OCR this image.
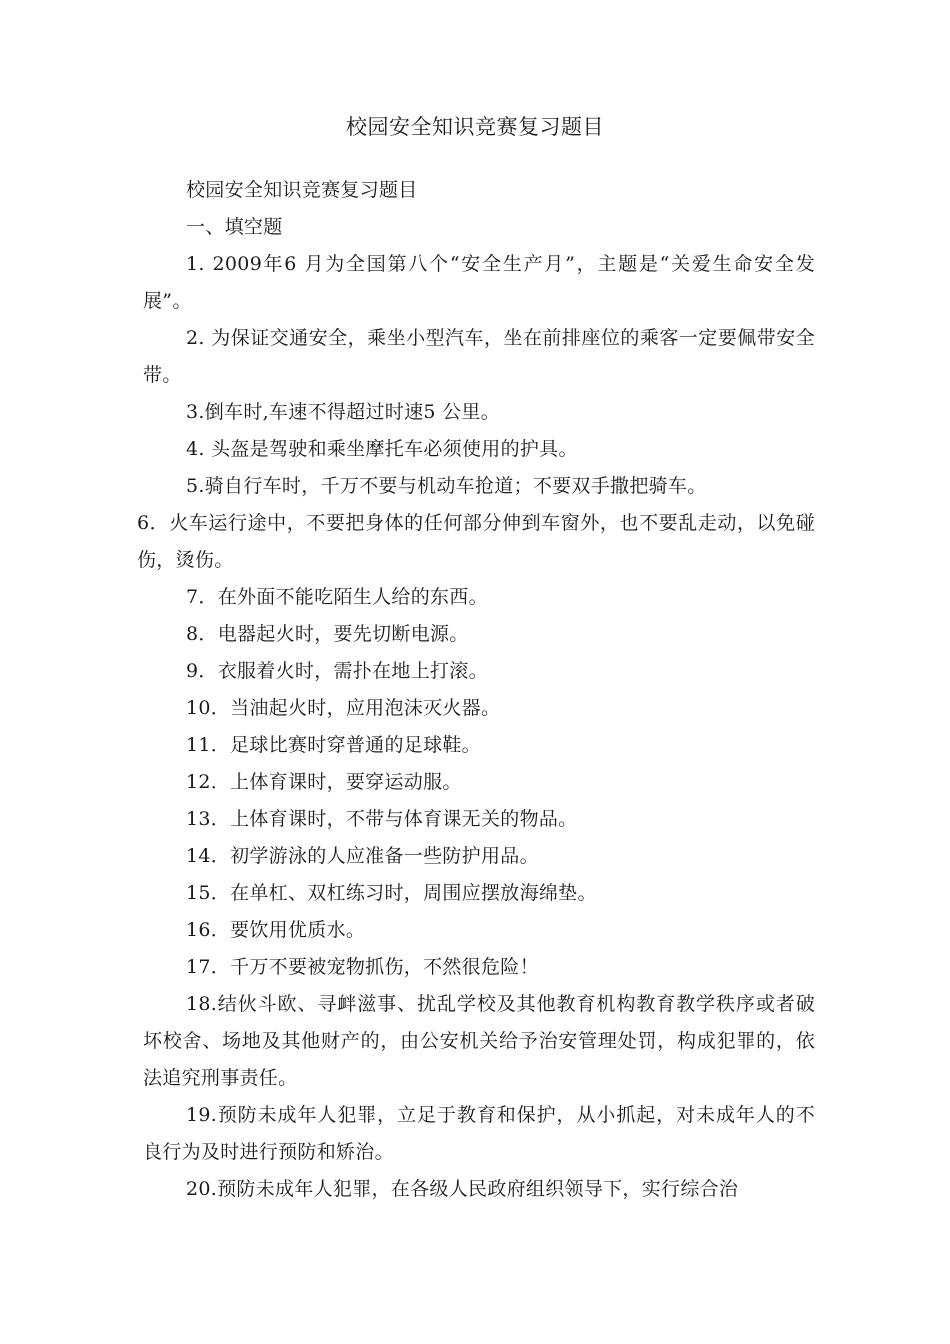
校园安全知识竞赛复习题目

校园安全知识竞赛复习题目

一、填空题

1. 2009年6 月为全国第八个“安全生产月”，主题是“关爱生命安全发展”。

2. 为保证交通安全，乘坐小型汽车，坐在前排座位的乘客一定要佩带安全带。

3.倒车时,车速不得超过时速5 公里。

4. 头盔是驾驶和乘坐摩托车必须使用的护具。

5.骑自行车时，千万不要与机动车抢道；不要双手撒把骑车。

6．火车运行途中，不要把身体的任何部分伸到车窗外，也不要乱走动，以免碰伤，烫伤。

7．在外面不能吃陌生人给的东西。

8．电器起火时，要先切断电源。

9．衣服着火时，需扑在地上打滚。

10．当油起火时，应用泡沫灭火器。

11．足球比赛时穿普通的足球鞋。

12．上体育课时，要穿运动服。

13．上体育课时，不带与体育课无关的物品。

14．初学游泳的人应准备一些防护用品。

15．在单杠、双杠练习时，周围应摆放海绵垫。

16．要饮用优质水。

17．千万不要被宠物抓伤，不然很危险！

18.结伙斗欧、寻衅滋事、扰乱学校及其他教育机构教育教学秩序或者破坏校舍、场地及其他财产的，由公安机关给予治安管理处罚，构成犯罪的，依法追究刑事责任。

19.预防未成年人犯罪，立足于教育和保护，从小抓起，对未成年人的不良行为及时进行预防和矫治。

20.预防未成年人犯罪，在各级人民政府组织领导下，实行综合治
